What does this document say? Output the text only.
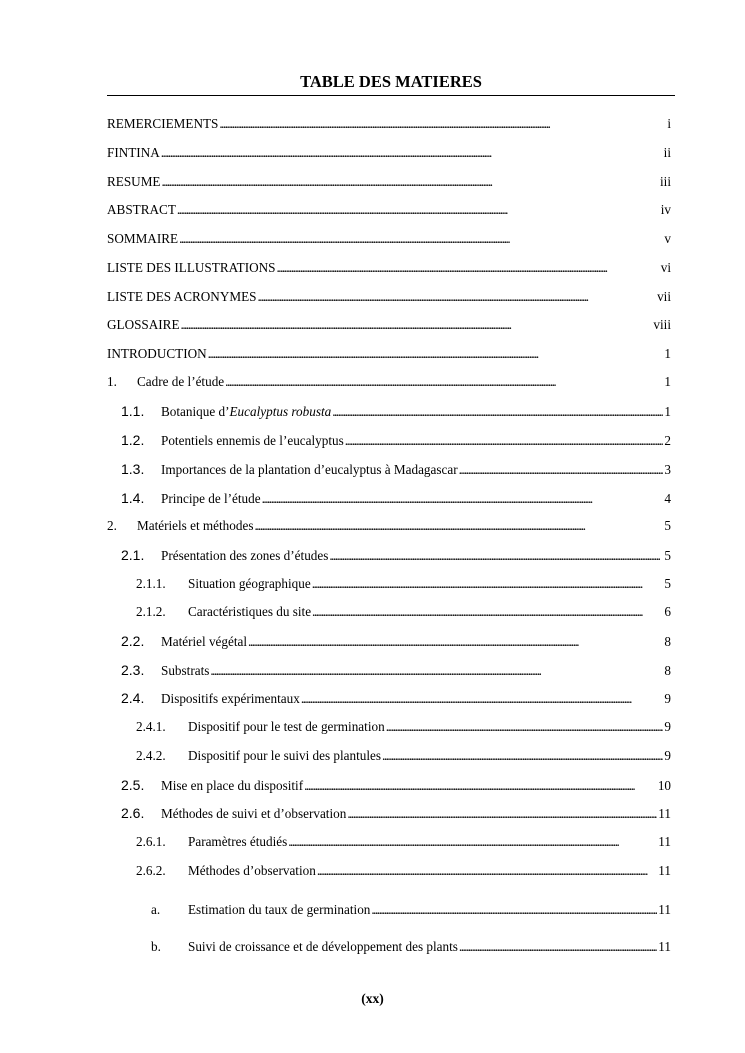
TABLE DES MATIERES
REMERCIEMENTS . . .	i
FINTINA . . .	ii
RESUME . . .	iii
ABSTRACT . . .	iv
SOMMAIRE . . .	v
LISTE DES ILLUSTRATIONS . . .	vi
LISTE DES ACRONYMES . . .	vii
GLOSSAIRE . . .	viii
INTRODUCTION . . .	1
1.	Cadre de l’étude . . .	1
1.1.	Botanique d’Eucalyptus robusta . . .	1
1.2.	Potentiels ennemis de l’eucalyptus . . .	2
1.3.	Importances de la plantation d’eucalyptus à Madagascar . . .	3
1.4.	Principe de l’étude . . .	4
2.	Matériels et méthodes . . .	5
2.1.	Présentation des zones d’études . . .	5
2.1.1.	Situation géographique . . .	5
2.1.2.	Caractéristiques du site . . .	6
2.2.	Matériel végétal . . .	8
2.3.	Substrats . . .	8
2.4.	Dispositifs expérimentaux . . .	9
2.4.1.	Dispositif pour le test de germination . . .	9
2.4.2.	Dispositif pour le suivi des plantules . . .	9
2.5.	Mise en place du dispositif . . .	10
2.6.	Méthodes de suivi et d’observation . . .	11
2.6.1.	Paramètres étudiés . . .	11
2.6.2.	Méthodes d’observation . . .	11
a.	Estimation du taux de germination . . .	11
b.	Suivi de croissance et de développement des plants . . .	11
(xx)
